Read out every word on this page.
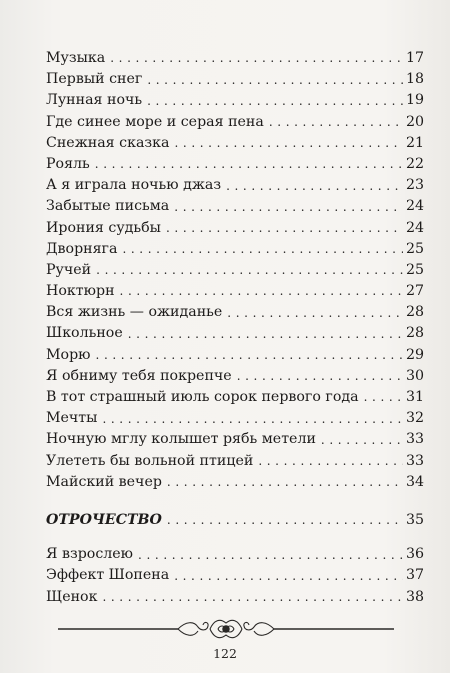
Музыка . . .	17
Первый снег . . .	18
Лунная ночь . . .	19
Где синее море и серая пена . . .	20
Снежная сказка . . .	21
Рояль . . .	22
А я играла ночью джаз . . .	23
Забытые письма . . .	24
Ирония судьбы . . .	24
Дворняга . . .	25
Ручей . . .	25
Ноктюрн . . .	27
Вся жизнь — ожиданье . . .	28
Школьное . . .	28
Морю . . .	29
Я обниму тебя покрепче . . .	30
В тот страшный июль сорок первого года . . .	31
Мечты . . .	32
Ночную мглу колышет рябь метели . . .	33
Улететь бы вольной птицей . . .	33
Майский вечер . . .	34
ОТРОЧЕСТВО . . .	35
Я взрослею . . .	36
Эффект Шопена . . .	37
Щенок . . .	38
122
